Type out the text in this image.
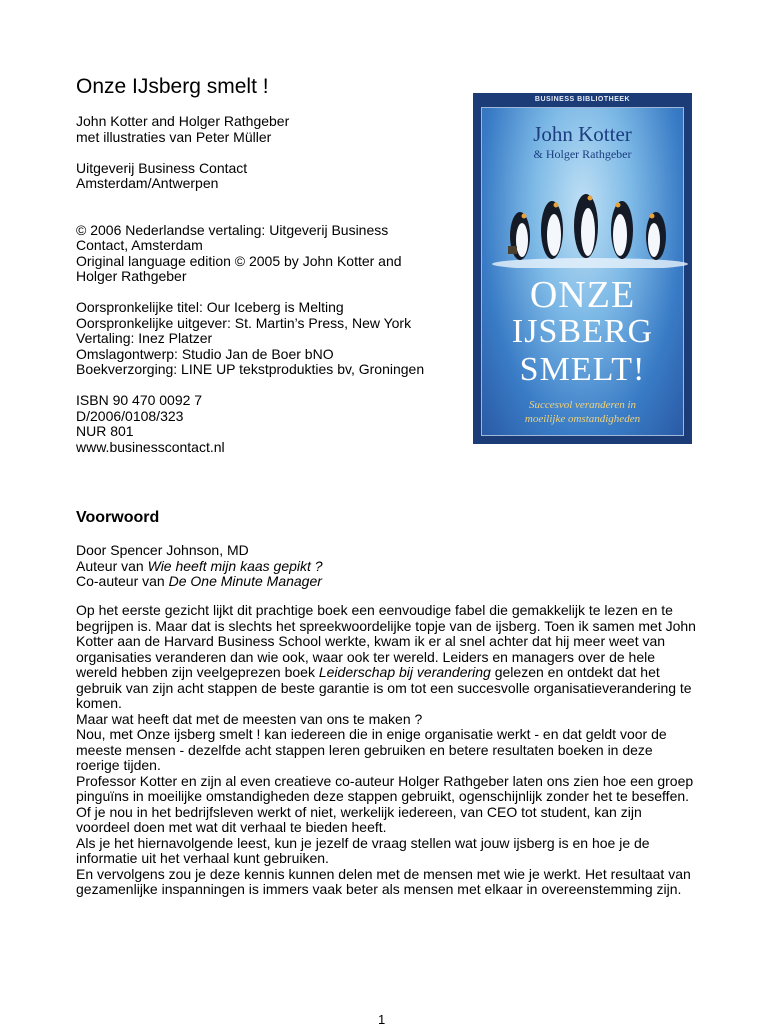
Onze IJsberg smelt !

John Kotter and Holger Rathgeber

met illustraties van Peter Müller

Uitgeverij Business Contact

Amsterdam/Antwerpen

© 2006 Nederlandse vertaling: Uitgeverij Business

Contact, Amsterdam

Original language edition © 2005 by John Kotter and

Holger Rathgeber

Oorspronkelijke titel: Our Iceberg is Melting

Oorspronkelijke uitgever: St. Martin’s Press, New York

Vertaling: Inez Platzer

Omslagontwerp: Studio Jan de Boer bNO

Boekverzorging: LINE UP tekstprodukties bv, Groningen

ISBN 90 470 0092 7

D/2006/0108/323

NUR 801

www.businesscontact.nl

BUSINESS BIBLIOTHEEK
John Kotter
& Holger Rathgeber
ONZE
IJSBERG
SMELT!
Succesvol veranderen in
moeilijke omstandigheden
Voorwoord

Door Spencer Johnson, MD

Auteur van Wie heeft mijn kaas gepikt ?

Co-auteur van De One Minute Manager

Op het eerste gezicht lijkt dit prachtige boek een eenvoudige fabel die gemakkelijk te lezen en te begrijpen is. Maar dat is slechts het spreekwoordelijke topje van de ijsberg. Toen ik samen met John Kotter aan de Harvard Business School werkte, kwam ik er al snel achter dat hij meer weet van organisaties veranderen dan wie ook, waar ook ter wereld. Leiders en managers over de hele wereld hebben zijn veelgeprezen boek Leiderschap bij verandering gelezen en ontdekt dat het gebruik van zijn acht stappen de beste garantie is om tot een succesvolle organisatieverandering te komen.

Maar wat heeft dat met de meesten van ons te maken ?

Nou, met Onze ijsberg smelt ! kan iedereen die in enige organisatie werkt - en dat geldt voor de meeste mensen - dezelfde acht stappen leren gebruiken en betere resultaten boeken in deze roerige tijden.

Professor Kotter en zijn al even creatieve co-auteur Holger Rathgeber laten ons zien hoe een groep pinguïns in moeilijke omstandigheden deze stappen gebruikt, ogenschijnlijk zonder het te beseffen.

Of je nou in het bedrijfsleven werkt of niet, werkelijk iedereen, van CEO tot student, kan zijn voordeel doen met wat dit verhaal te bieden heeft.

Als je het hiernavolgende leest, kun je jezelf de vraag stellen wat jouw ijsberg is en hoe je de informatie uit het verhaal kunt gebruiken.

En vervolgens zou je deze kennis kunnen delen met de mensen met wie je werkt. Het resultaat van gezamenlijke inspanningen is immers vaak beter als mensen met elkaar in overeenstemming zijn.

1
